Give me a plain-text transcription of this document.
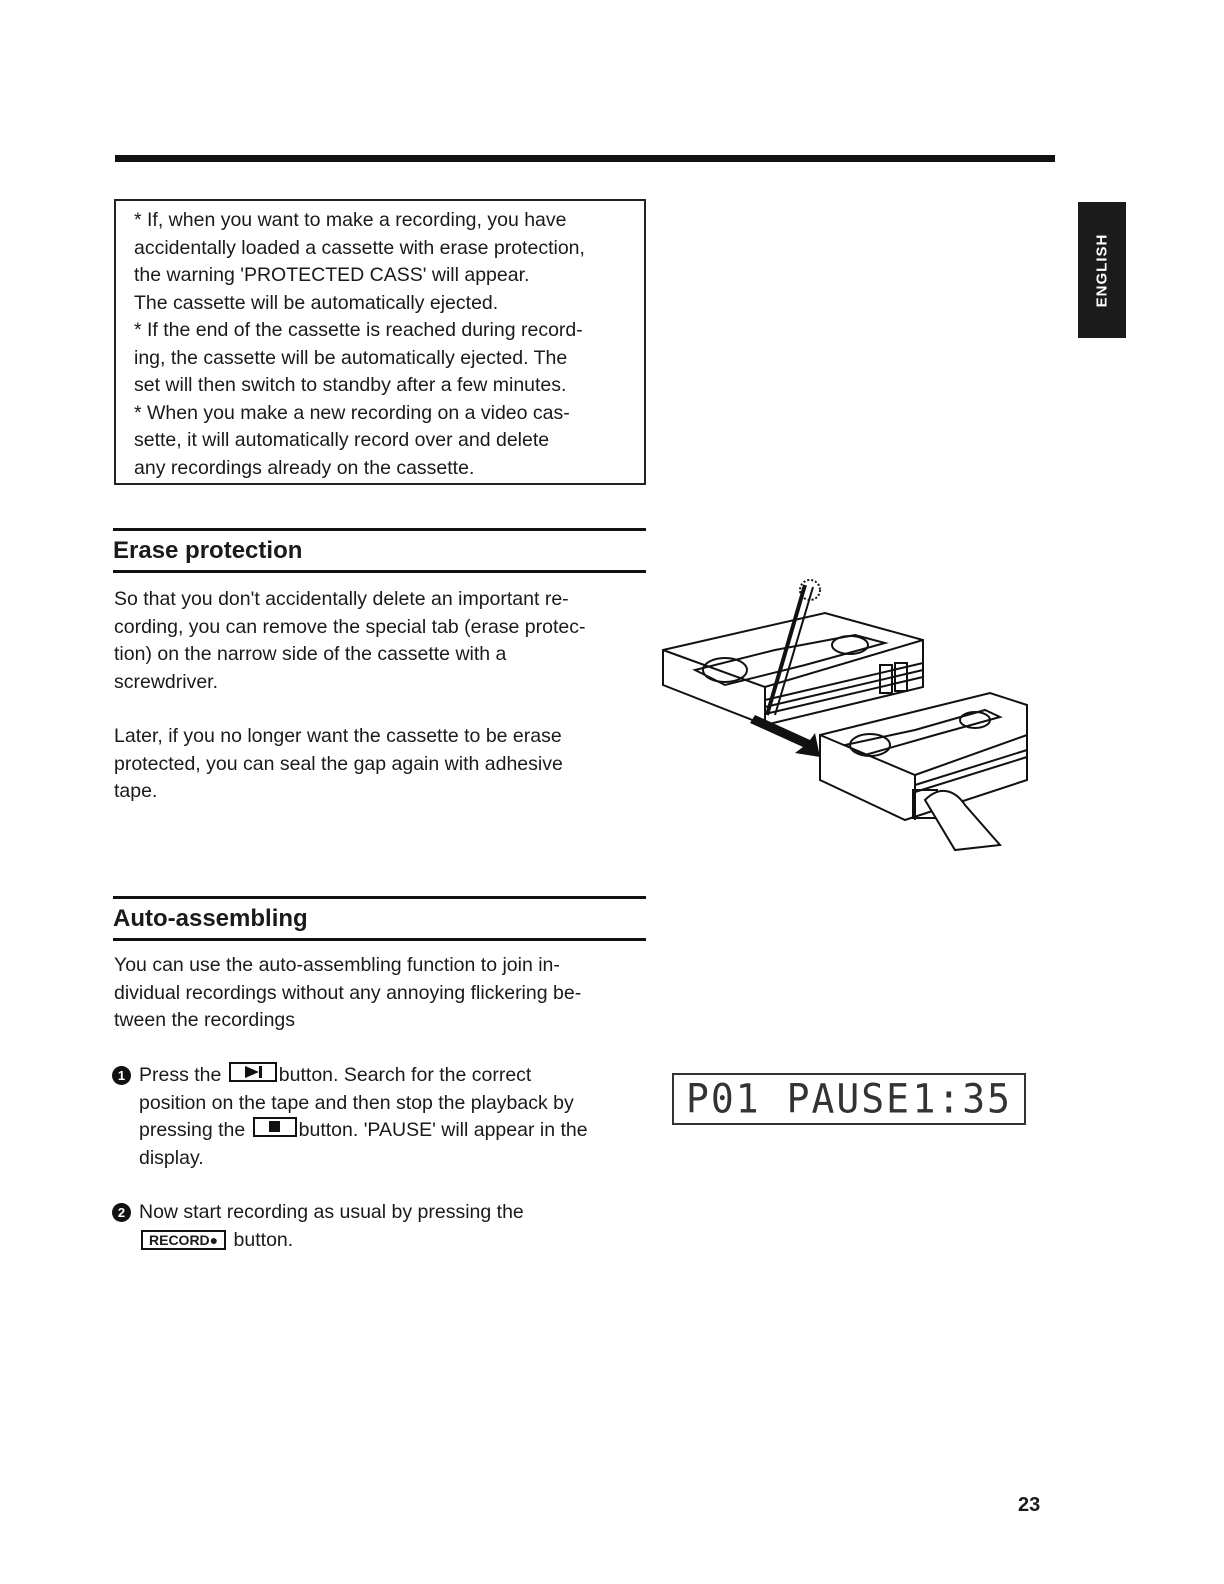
ENGLISH

* If, when you want to make a recording, you have

accidentally loaded a cassette with erase protection,

the warning 'PROTECTED CASS' will appear.

The cassette will be automatically ejected.

* If the end of the cassette is reached during record-

ing, the cassette will be automatically ejected. The

set will then switch to standby after a few minutes.

* When you make a new recording on a video cas-

sette, it will automatically record over and delete

any recordings already on the cassette.

Erase protection
So that you don't accidentally delete an important re-
cording, you can remove the special tab (erase protec-
tion) on the narrow side of the cassette with a
screwdriver.
Later, if you no longer want the cassette to be erase
protected, you can seal the gap again with adhesive
tape.
Auto-assembling
You can use the auto-assembling function to join in-
dividual recordings without any annoying flickering be-
tween the recordings
1 Press the	button. Search for the correct
position on the tape and then stop the playback by
pressing the	button. 'PAUSE' will appear in the
display.
2 Now start recording as usual by pressing the
RECORD● button.
P01 PAUSE 1:35
23
